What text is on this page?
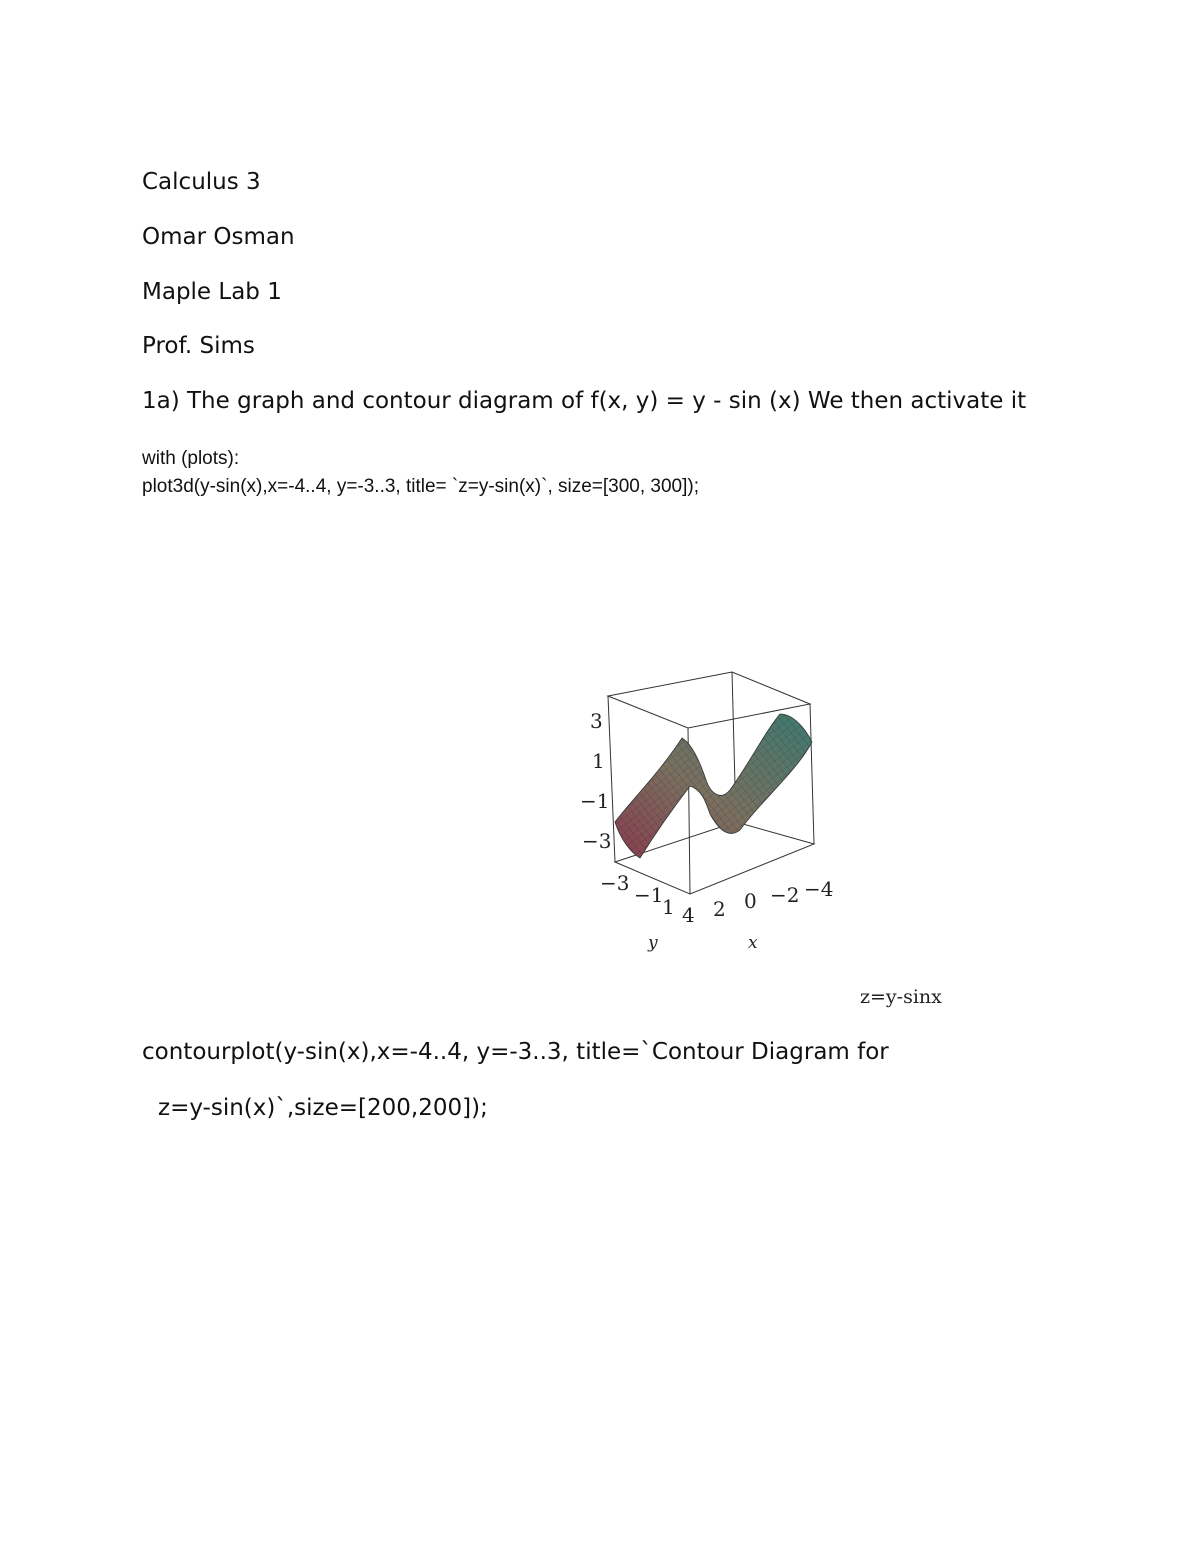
Calculus 3
Omar Osman
Maple Lab 1
Prof. Sims
1a) The graph and contour diagram of f(x, y) = y - sin (x) We then activate it
with (plots):
plot3d(y-sin(x),x=-4..4, y=-3..3, title= `z=y-sin(x)`, size=[300, 300]);
3
1
−1
−3
−3 −1
1 4 2 0 −2 −4
y	x
z=y-sinx
contourplot(y-sin(x),x=-4..4, y=-3..3, title=`Contour Diagram for
z=y-sin(x)`,size=[200,200]);
